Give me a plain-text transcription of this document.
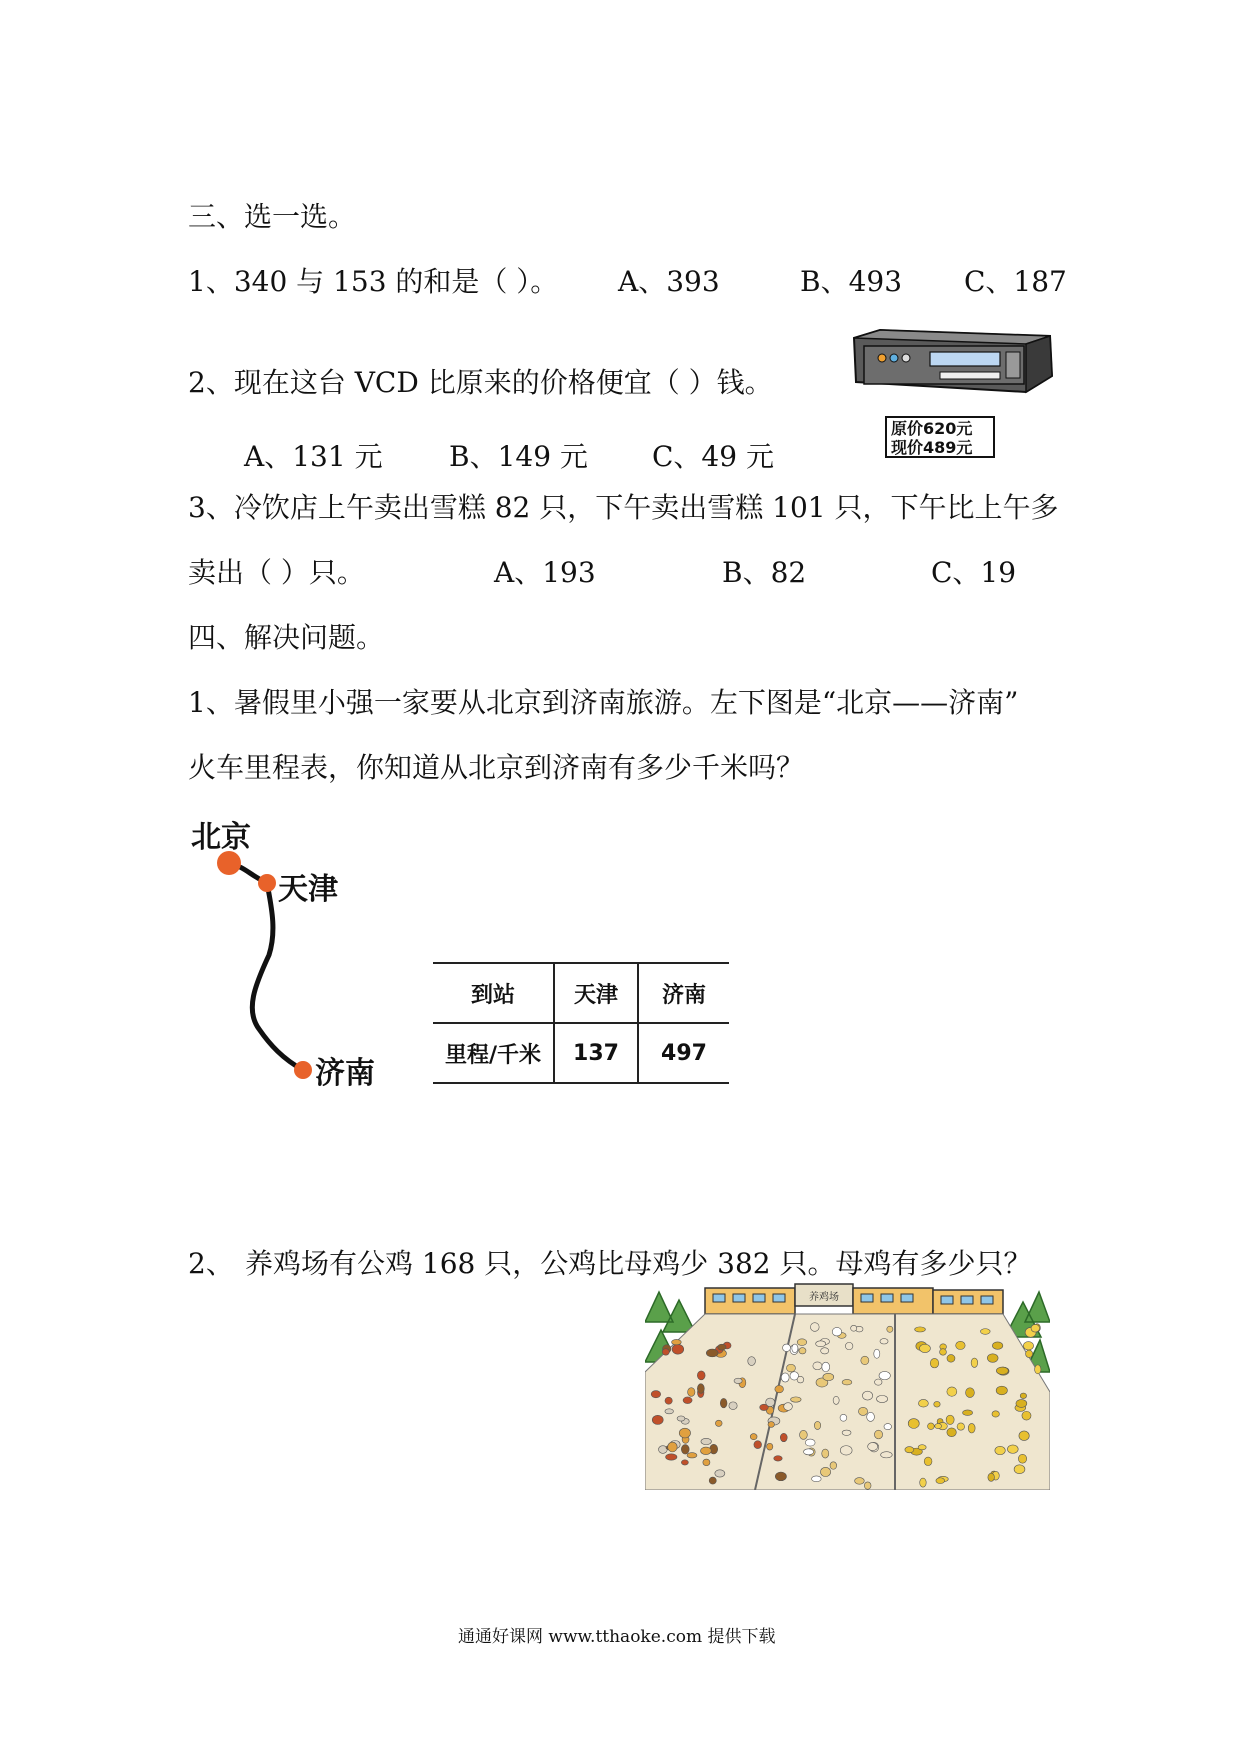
三、选一选。
1、340 与 153 的和是（ ）。 A、393	B、493 C、187
2、现在这台 VCD 比原来的价格便宜（ ）钱。
原价620元
现价489元
A、131 元 B、149 元 C、49 元
3、冷饮店上午卖出雪糕 82 只，下午卖出雪糕 101 只，下午比上午多
卖出（ ）只。	A、193	B、82	C、19
四、解决问题。
1、暑假里小强一家要从北京到济南旅游。左下图是“北京——济南”
火车里程表，你知道从北京到济南有多少千米吗？
北京
天津
济南
到站	天津	济南
里程/千米	137	497
2、 养鸡场有公鸡 168 只，公鸡比母鸡少 382 只。母鸡有多少只？
养鸡场
通通好课网 www.tthaoke.com 提供下载
